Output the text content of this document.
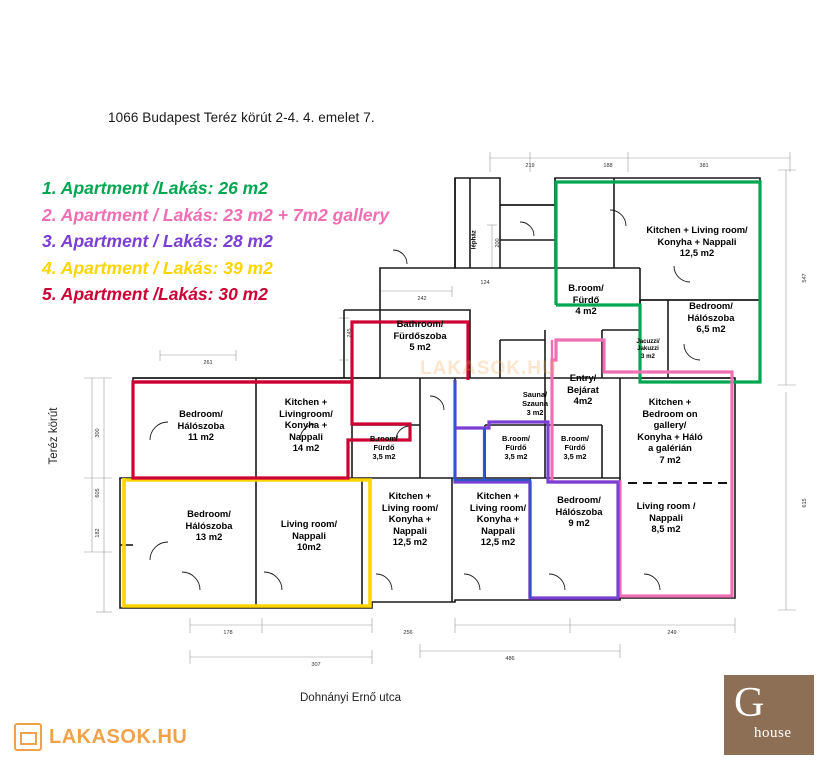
1066 Budapest Teréz körút 2-4. 4. emelet 7.
1. Apartment /Lakás: 26 m2
2. Apartment / Lakás: 23 m2 + 7m2 gallery
3. Apartment / Lakás: 28 m2
4. Apartment / Lakás: 39 m2
5. Apartment /Lakás: 30 m2
Teréz körút
Dohnányi Ernő utca
Bathroom/
Fürdőszoba
5 m2
Bedroom/
Hálószoba
11 m2
Kitchen +
Livingroom/
Konyha +
Nappali
14 m2
B.room/
Fürdő
3,5 m2
Bedroom/
Hálószoba
13 m2
Living room/
Nappali
10m2
Kitchen +
Living room/
Konyha +
Nappali
12,5 m2
Kitchen +
Living room/
Konyha +
Nappali
12,5 m2
B.room/
Fürdő
3,5 m2
B.room/
Fürdő
3,5 m2
Sauna/
Szauna
3 m2
Entry/
Bejárat
4m2
Bedroom/
Hálószoba
9 m2
Kitchen +
Bedroom on
gallery/
Konyha + Háló
a galérián
7 m2
Living room /
Nappali
8,5 m2
Kitchen + Living room/
Konyha + Nappali
12,5 m2
B.room/
Fürdő
4 m2	Bedroom/
Hálószoba
6,5 m2
Jacuzzi/
Jakuzzi
3 m2
lépház
219	188	381
200
124
242
245
261
300
605
182
547
615
178	256	249
307
486
LAKASOK.HU
LAKASOK.HU
G
house
